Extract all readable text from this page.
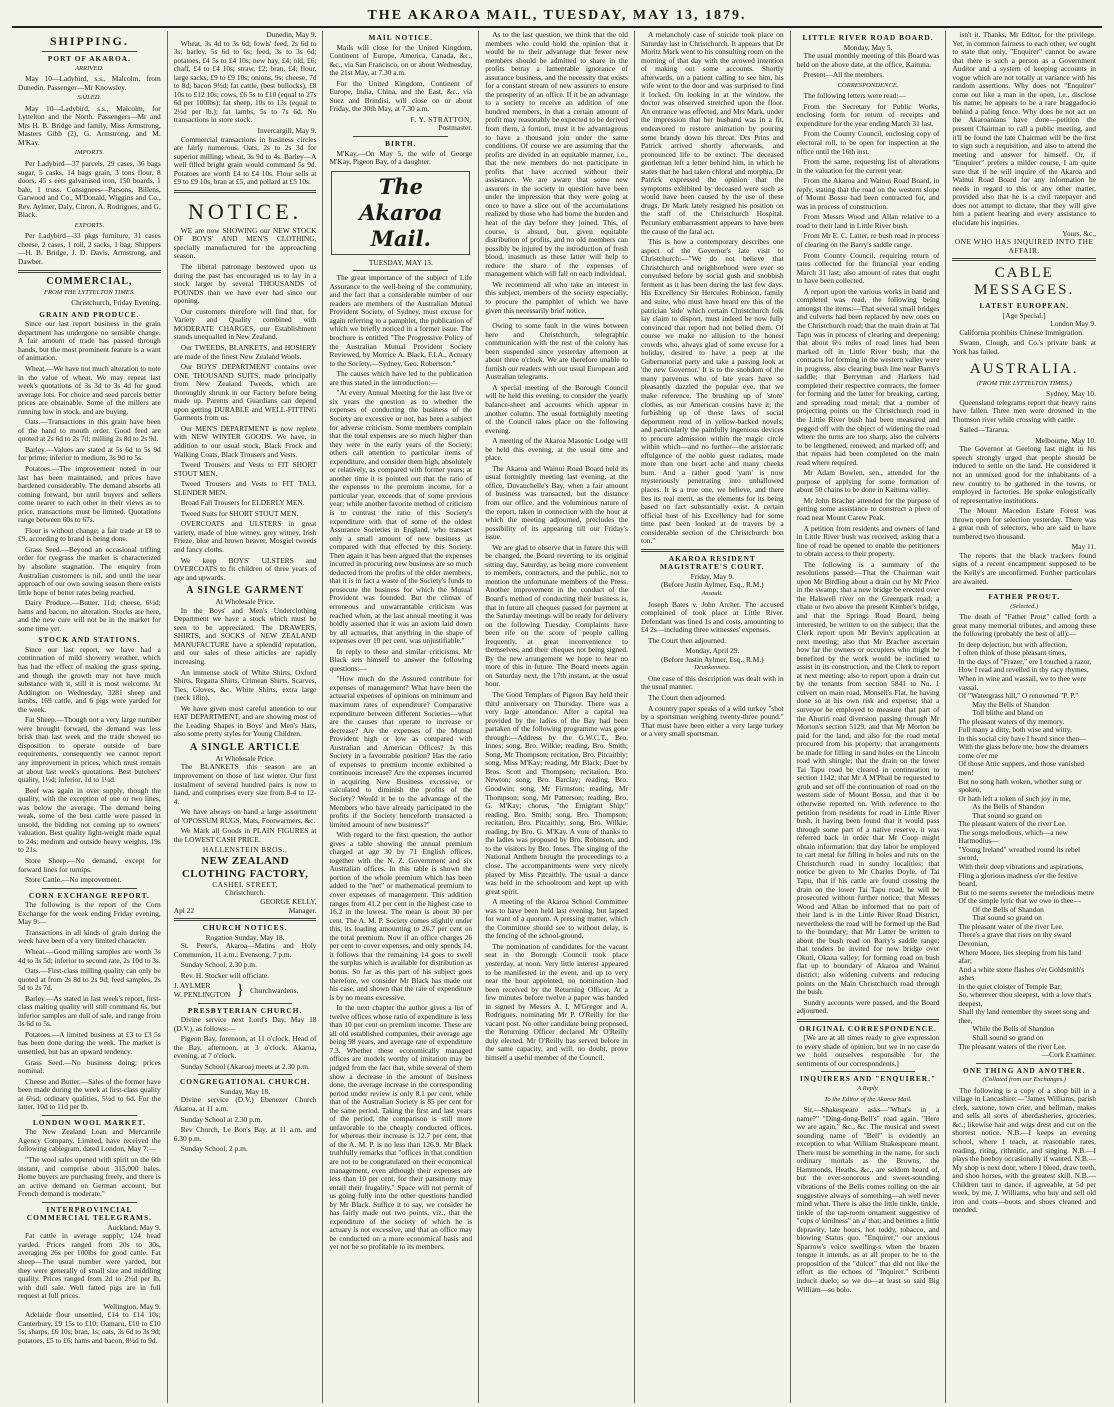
THE AKAROA MAIL, TUESDAY, MAY 13, 1879.
SHIPPING.
PORT OF AKAROA.
ARRIVED.

May 10—Ladybird, s.s., Malcolm, from Dunedin. Passenger—Mr Knowsley.

SAILED.

May 10—Ladybird, s.s., Malcolm, for Lyttelton and the North. Passengers—Mr and Mrs H. B. Bridge and family, Miss Armstrong, Masters Gibb (2), G. Armstrong, and M. M'Kay.

IMPORTS.

Per Ladybird—37 parcels, 29 cases, 36 bags sugar, 5 casks, 14 bags grain, 3 tons flour, 8 doors, 45 s eets galvanised iron, 150 boards, 1 bale, 1 truss. Consignees—Parsons, Billens, Garwood and Co., M'Donald, Wiggins and Co., Rev. Aylmer, Daly, Citron, A. Rodrigues, and G. Black.

EXPORTS.

Per Ladybird—33 pkgs furniture, 31 cases cheese, 2 cases, 1 roll, 2 sacks, 1 bag. Shippers—H. B. Bridge, J. D. Davis, Armstrong, and Dawber.

COMMERCIAL,
FROM THE LYTTELTON TIMES.
Christchurch, Friday Evening.
GRAIN AND PRODUCE.

Since our last report business in the grain department has undergone no sensible change. A fair amount of trade has passed through hands, but the most prominent feature is a want of animation.

Wheat.—We have not much alteration to note in the value of wheat. We may repeat last week's quotations of 3s 3d to 3s 4d for good average lots. For choice and seed parcels better prices are obtainable. Some of the millers are running low in stock, and are buying.

Oats.—Transactions in this grain have been of the hand to mouth order. Good feed are quoted at 2s 6d to 2s 7d; milling 2s 8d to 2s 9d.

Barley.—Values are stated at 5s 6d to 5s 9d for prime; inferior to medium, 3s 9d to 5s.

Potatoes.—The improvement noted in our last has been maintained, and prices have hardened considerably. The demand absorbs all coming forward, but until buyers and sellers come nearer to each other in their views as to price, transactions must be limited. Quotations range between 60s to 67s.

Flour is without change; a fair trade at £8 to £9, according to brand is being done.

Grass Seed.—Beyond an occasional trifling order for ryegrass the market is characterized by absolute stagnation. The enquiry from Australian customers is nil, and until the near approach of our own sowing season there exists little hope of better rates being reached.

Dairy Produce.—Butter, 11d; cheese, 6½d; hams and bacon, no alteration. Stocks are here, and the new cure will not be in the market for some time yet.

STOCK AND STATIONS.

Since our last report, we have had a continuation of mild showery weather, which has had the effect of making the grass spring, and though the growth may not have much substance with it, still it is most welcome. At Addington on Wednesday, 3281 sheep and lambs, 169 cattle, and 6 pigs were yarded for the week.

Fat Sheep.—Though not a very large number were brought forward, the demand was less brisk than last week and the trade showed no disposition to operate outside of bare requirements, consequently we cannot report any improvement in prices, which must remain at about last week's quotations. Best butchers' quality, 1½d; inferior, 1d to 1¼d.

Beef was again in over supply, though the quality, with the exception of one or two lines, was below the average. The demand being weak, some of the best cattle were passed in unsold, the bidding not coming up to owners' valuation. Best quality light-weight made equal to 24s; medium and outside heavy weights, 19s to 21s.

Store Sheep.—No demand, except for forward lines for turnips.

Store Cattle.—No improvement.

CORN EXCHANGE REPORT.

The following is the report of the Corn Exchange for the week ending Friday evening, May 9:—

Transactions in all kinds of grain during the week have been of a very limited character.

Wheat.—Good milling samples are worth 3s 4d to 3s 5d; inferior to second rate, 2s 10d to 3s.

Oats.—First-class milling quality can only be quoted at from 2s 8d to 2s 9d; feed samples, 2s 5d to 2s 7d.

Barley.—As stated in last week's report, first-class malting quality will still command 6s, but inferior samples are dull of sale, and range from 3s 6d to 5s.

Potatoes.—A limited business at £3 to £3 5s has been done during the week. The market is unsettled, but has an upward tendency.

Grass Seed.—No business doing; prices nominal.

Cheese and Butter.—Sales of the former have been made during the week at first-class quality at 6½d; ordinary qualities, 5½d to 6d. For the latter, 10d to 11d per lb.

LONDON WOOL MARKET.

The New Zealand Loan and Mercantile Agency Company, Limited, have received the following cablegram, dated London, May 7:—

"The wool sales opened with spirit on the 6th instant, and comprise about 315,000 bales. Home buyers are purchasing freely, and there is an active demand on German account, but French demand is moderate."

INTERPROVINCIAL COMMERCIAL TELEGRAMS.
Auckland, May 9.

Fat cattle in average supply; 124 head yarded. Prices ranged from 20s to 30s, averaging 26s per 100lbs for good cattle. Fat sheep—The usual number were yarded, but they were generally of small size and middling quality. Prices ranged from 2d to 2½d per lb, with dull sale. Well fatted pigs are in full request at full prices.

Wellington, May 9.

Adelaide flour unsettled, £14 to £14 10s; Canterbury, £9 15s to £10; Oamaru, £10 to £10 5s; sharps, £6 10s; bran, 1s; oats, 3s 6d to 3s 9d; potatoes, £5 to £6; hams and bacon, 8½d to 9d.

Dunedin, May 9.

Wheat, 3s 4d to 3s 6d; fowls' feed, 2s 6d to 3s; barley, 5s 6d to 6s; feed, 3s to 3s 6d; potatoes, £4 5s to £4 10s; new hay, £4; old, £6; chaff, £4 to £4 10s; straw, £2; bran, £4; flour, large sacks, £9 to £9 10s; onions, 9s; cheese, 7d to 8d; bacon 9½d; fat cattle, (best bullocks), £8 10s to £12 10s; cows, £6 5s to £10 (equal to 27s 6d per 100lbs); fat sheep, 10s to 13s (equal to 2½d per lb.); fat lambs, 5s to 7s 6d. No transactions in store stock.

Invercargill, May 9.

Commercial transactions in business circles are fairly numerous. Oats, 2s to 2s 3d for superior milling; wheat, 3s 9d to 4s. Barley—A well filled bright grain would command 5s 9d. Potatoes are worth £4 to £4 10s. Flour sells at £9 to £9 10s, bran at £5, and pollard at £5 10s.

NOTICE.

WE are now SHOWING our NEW STOCK OF BOYS' AND MEN'S CLOTHING, specially manufactured for the approaching season.

The liberal patronage bestowed upon us during the past has encouraged us to lay in a stock larger by several THOUSANDS of POUNDS than we have ever had since our opening.

Our customers therefore will find that, for Variety and Quality combined with MODERATE CHARGES, our Establishment stands unequalled in New Zealand.

Our TWEEDS, BLANKETS, and HOSIERY are made of the finest New Zealand Wools.

Our BOYS' DEPARTMENT contains over ONE THOUSAND SUITS, made principally from New Zealand Tweeds, which are thoroughly shrunk in our Factory before being made up. Parents and Guardians can depend upon getting DURABLE and WELL-FITTING Garments from us.

Our MEN'S DEPARTMENT is now replete with NEW WINTER GOODS. We have, in addition to our usual stock, Black Frock and Walking Coats, Black Trousers and Vests.

Tweed Trousers and Vests to FIT SHORT STOUT MEN.

Tweed Trousers and Vests to FIT TALL SLENDER MEN.

Broad Fall Trousers for ELDERLY MEN.

Tweed Suits for SHORT STOUT MEN.

OVERCOATS and ULSTERS in great variety, made of blue witney, grey witney, Irish Frieze, blue and brown beaver, Mosgiel tweeds and fancy cloths.

We keep BOYS' ULSTERS and OVERCOATS to fit children of three years of age and upwards.

A SINGLE GARMENT
At Wholesale Price.

In the Boys' and Men's Underclothing Department we have a stock which must be seen to be appreciated. The DRAWERS, SHIRTS, and SOCKS of NEW ZEALAND MANUFACTURE have a splendid reputation, and our sales of these articles are rapidly increasing.

An immense stock of White Shirts, Oxford Shirts, Regatta Shirts, Crimean Shirts, Scarves, Ties, Gloves, &c. White Shirts, extra large (neck 18in).

We have given most careful attention to our HAT DEPARTMENT, and are showing most of the Leading Shapes in Boys' and Men's Hats, also some pretty styles for Young Children.

A SINGLE ARTICLE
At Wholesale Price.

The BLANKETS this season are an improvement on those of last winter. Our first instalment of several hundred pairs is now to hand, and comprises every size from 8-4 to 12-4.

We have always on hand a large assortment of 'OPOSSUM RUGS, Mats, Footwarmers, &c.

We Mark all Goods in PLAIN FIGURES at the LOWEST CASH PRICE.

HALLENSTEIN BROS.,
NEW ZEALAND
CLOTHING FACTORY,
CASHEL STREET,
Christchurch.
GEORGE KELLY,
Apl 22	Manager.
CHURCH NOTICES.
Rogation Sunday, May 18.

St. Peter's, Akaroa—Matins and Holy Communion, 11 a.m.; Evensong, 7 p.m.

Sunday School, 2.30 p.m.

Rev. H. Stocker will officiate.

J. AYLMER
W. PENLINGTON } Churchwardens.
PRESBYTERIAN CHURCH.

Divine service next Lord's Day, May 18 (D.V.), as follows:—

Pigeon Bay, forenoon, at 11 o'clock. Head of the Bay, afternoon, at 3 o'clock. Akaroa, evening, at 7 o'clock.

Sunday School (Akaroa) meets at 2.30 p.m.

CONGREGATIONAL CHURCH.
Sunday, May 18.

Divine service (D.V.) Ebenezer Church Akaroa, at 11 a.m.

Sunday School at 2.30 p.m.

Rev Church, Le Bon's Bay, at 11 a.m. and 6.30 p.m.

Sunday School, 2 p.m.

MAIL NOTICE.

Mails will close for the United Kingdom, Continent of Europe, America, Canada, &c., &c., via San Francisco, on or about Wednesday, the 21st May, at 7.30 a.m.

For the United Kingdom, Continent of Europe, India, China, and the East, &c., via Suez and Brindisi, will close on or about Friday, the 30th May, at 7.30 a.m.

F. Y. STRATTON,
Postmaster.
BIRTH.

M'Kay.—On May 5, the wife of George M'Kay, Pigeon Bay, of a daughter.

The Akaroa Mail.
TUESDAY, MAY 13.

The great importance of the subject of Life Assurance to the well-being of the community, and the fact that a considerable number of our readers are members of the Australian Mutual Provident Society, of Sydney, must excuse for again referring to a pamphlet, the publication of which we briefly noticed in a former issue. The brochure is entitled "The Progressive Policy of the Australian Mutual Provident Society Reviewed, by Morrice A. Black, F.I.A., Actuary to the Society.—Sydney, Geo. Robertson."

The causes which have led to the publication are thus stated in the introduction:—

"At every Annual Meeting for the last five or six years the question as to whether the expenses of conducting the business of the Society are excessive or not, has been a subject for adverse criticism. Some members complain that the total expenses are so much higher than they were in the early years of the Society; others call attention to particular items of expenditure, and consider them high, absolutely or relatively, as compared with former years; at another time it is pointed out that the ratio of the expenses to the premium income, for a particular year, exceeds that of some previous year; while another favorite method of criticism is to contrast the ratio of this Society's expenditure with that of some of the oldest Assurance Societies in England, who transact only a small amount of new business as compared with that effected by this Society. Then again it has been argued that the expenses incurred in procuring new business are so much deducted from the profits of the older members, that it is in fact a waste of the Society's funds to prosecute the business for which the Mutual Provident was founded. But the climax of erroneous and unwarrantable criticism was reached when, at the last annual meeting it was boldly asserted that it was an axiom laid down by all actuaries, that anything in the shape of expenses over 10 per cent. was unjustifiable."

In reply to these and similar criticisms, Mr Black sets himself to answer the following questions:—

"How much do the Assured contribute for expenses of management? What have been the actuarial expenses of opinions on minimum and maximum rates of expenditure? Comparative expenditure between different Societies—what are the causes that operate to increase or decrease? Are the expenses of the Mutual Provident high or low as compared with Australian and American Offices? Is this Society in a favourable position? Has the ratio of expenses to premium income exhibited a continuous increase? Are the expenses incurred in acquiring New Business excessive, or calculated to diminish the profits of the Society? Would it be to the advantage of the Members who have already participated in the profits if the Society henceforth transacted a limited amount of new business?"

With regard to the first question, the author gives a table showing the annual premium charged at age 30 by 71 English offices, together with the N. Z. Government and six Australian offices. In this table is shown the portion of the whole premium which has been added to the "net" or mathematical premium to cover expenses of management. This addition ranges from 41.2 per cent in the highest case to 16.2 in the lowest. The mean is about 30 per cent. The A. M. P. Society comes slightly under this, its loading amounting to 26.7 per cent on the total premium. Now if an office charges 26 per cent to cover expenses, and only spends 14, it follows that the remaining 14 goes to swell the surplus which is available for distribution as bonus. So far as this part of his subject goes therefore, we consider Mr Black has made out his case, and shown that the rate of expenditure is by no means excessive.

In the next chapter the author gives a list of twelve offices whose ratio of expenditure is less than 10 per cent on premium income. These are all old established companies, their average age being 98 years, and average rate of expenditure 7.3. Whether these economically managed offices are models worthy of imitation may be judged from the fact that, while several of them show a decrease in the amount of business done, the average increase in the corresponding period under review is only 8.1 per cent, while that of the Australian Society is 85 per cent for the same period. Taking the first and last years of the period, the comparison is still more unfavorable to the cheaply conducted offices, for whereas their increase is 12.7 per cent, that of the A. M. P. is no less than 126.9. Mr Black truthfully remarks that "offices in that condition are not to be congratulated on their economical management, even although their expenses are less than 10 per cent, for their parsimony may entail their frugality." Space will not permit of us going fully into the other questions handled by Mr Black. Suffice it to say, we consider he has fairly made out two points, viz., that the expenditure of the society of which he is actuary is not excessive, and that an office may be conducted on a more economical basis and yet not be so profitable to its members.

As to the last question, we think that the old members who could hold the opinion that it would be to their advantage that fewer new members should be admitted to share in the profits betray a lamentable ignorance of assurance business, and the necessity that exists for a constant stream of new assurers to ensure the prosperity of an office. If it be an advantage to a society to receive an addition of one hundred members, in that a certain amount of profit may reasonably be expected to be derived from them, à fortiori, must it be advantageous to have a thousand join under the same conditions. Of course we are assuming that the profits are divided in an equitable manner, i.e., that the new members do not participate in profits that have accrued without their assistance. We are aware that some new assurers in the society in question have been under the impression that they were going at once to have a slice out of the accumulations realized by those who had borne the burden and heat of the day before they joined. This, of course, is absurd, but, given equitable distribution of profits, and no old members can possibly be injured by the introduction of fresh blood, inasmuch as these latter will help to reduce the share of the expenses of management which will fall on each individual.

We recommend all who take an interest in this subject, members of the society especially, to procure the pamphlet of which we have given this necessarily brief notice.

Owing to some fault in the wires between here and Christchurch, telegraphic communication with the rest of the colony has been suspended since yesterday afternoon at about three o'clock. We are therefore unable to furnish our readers with our usual European and Australian telegrams.

A special meeting of the Borough Council will be held this evening, to consider the yearly balance-sheet and accounts which appear in another column. The usual fortnightly meeting of the Council takes place on the following evening.

A meeting of the Akaroa Masonic Lodge will be held this evening, at the usual time and place.

The Akaroa and Wainui Road Board held its usual fortnightly meeting last evening, at the office, Duvauchelle's Bay, when a fair amount of business was transacted, but the distance from our office, and the voluminous nature of the report, taken in connection with the hour at which the meeting adjourned, precludes the possibility of its appearing till our Friday's issue.

We are glad to observe that in future this will be changed, the Board reverting to its original sitting day, Saturday, as being more convenient to members, contractors, and the public, not to mention the unfortunate members of the Press. Another improvement in the conduct of the Board's method of conducting their business is, that in future all cheques passed for payment at the Saturday meetings will be ready for delivery on the following Tuesday. Complaints have been rife on the score of people calling frequently, at great inconvenience to themselves, and their cheques not being signed. By the new arrangement we hope to hear no more of this in future. The Board meets again on Saturday next, the 17th instant, at the usual hour.

The Good Templars of Pigeon Bay held their third anniversary on Thursday. There was a very large attendance. After a capital tea provided by the ladies of the Bay had been partaken of the following programme was gone through:—Address by the G.W.C.T., Bro. Innes; song, Bro. Wilkie; reading, Bro. Smith; Song, Mr Thompson; recitation, Bro. Pitcaithly; song, Miss M'Kay; reading, Mr Black; Duet by Bros. Scott and Thompson; recitation, Bro. Newton; song, Bro. Barclay; reading, Bro. Goodwin; song, Mr Firmston; reading, Mr Thompson; song, Mr Patterson; reading, Bro. G. M'Kay; chorus, "the Emigrant Ship;" reading, Bro. Smith; song, Bro. Thompson; recitation, Bro. Pitcaithly; song, Bro. Wilkie; reading, by Bro. G. M'Kay. A vote of thanks to the ladies was proposed by Bro. Robinson, and to the visitors by Bro. Innes. The singing of the National Anthem brought the proceedings to a close. The accompaniments were very nicely played by Miss Pitcaithly. The usual a dance was held in the schoolroom and kept up with great spirit.

A meeting of the Akaroa School Committee was to have been held last evening, but lapsed for want of a quorum. A pressing matter, which the Committee should see to without delay, is the fencing of the school-ground.

The nomination of candidates for the vacant seat in the Borough Council took place yesterday, at noon. Very little interest appeared to be manifested in the event, and up to very near the hour appointed, no nomination had been received by the Returning Officer. At a few minutes before twelve a paper was handed in signed by Messrs A. I. M'Gregor and A. Rodrigues, nominating Mr P. O'Reilly for the vacant post. No other candidate being proposed, the Returning Officer declared Mr O'Reilly duly elected. Mr O'Reilly has served before in the same capacity, and will, no doubt, prove himself a useful member of the Council.

A melancholy case of suicide took place on Saturday last in Christchurch. It appears that Dr Moritz Mark went to his consulting room on the morning of that day with the avowed intention of making out some accounts. Shortly afterwards, on a patient calling to see him, his wife went to the door and was surprised to find it locked. On looking in at the window, the doctor was observed stretched upon the floor. An entrance was effected, and Mrs Mark, under the impression that her husband was in a fit, endeavored to restore animation by pouring some brandy down his throat. Drs Prins and Patrick arrived shortly afterwards, and pronounced life to be extinct. The deceased gentleman left a letter behind him, in which he states that he had taken chloral and morphia. Dr Patrick expressed the opinion that the symptoms exhibited by deceased were such as would have been caused by the use of these drugs. Dr Mark lately resigned his position on the staff of the Christchurch Hospital. Pecuniary embarrassment appears to have been the cause of the fatal act.

This is how a contemporary describes one aspect of the Governor's late visit to Christchurch:—"We do not believe that Christchurch and neighborhood were ever so convulsed before by social gush and snobbish ferment as it has been during the last few days. His Excellency Sir Hercules Robinson, family and suite, who must have heard ere this of the patrician 'side' which certain Christchurch folk lay claim to disport, must indeed be now fully convinced that report had not belied them. Of course we make no allusion to the honest crowds who, always glad of some excuse for a holiday, desired to have a peep at the Gubernatorial party and take a passing look at 'the new Governor.' It is to the snobdom of the many parvenus who of late years have so pleasantly dazzled the popular eye, that we make reference. The brushing up of 'store' clothes, as our American cousins have it; the furbishing up of those laws of social deportment rend of in yellow-backed novels; and particularly the painfully ingenious devices to procure admission within the magic circle within which—and no further—the aristocratic effulgence of the noble guest radiates, made more than one heart ache and many cheeks burn. And a rather good 'yarn' is now mysteriously penetrating into unhallowed places. It is a true one, we believe, and there lies its real merit, as the elements for its being based on fact substantially exist. A certain official host of his Excellency had for some time past been looked at de travers by a considerable section of the Christchurch bon ton."

AKAROA RESIDENT MAGISTRATE'S COURT.
Friday, May 9.
(Before Justin Aylmer, Esq., R.M.)
Assault.

Joseph Bates v. John Archer. The accused complained of took place at Little River. Defendant was fined 1s and costs, amounting to £4 2s—including three witnesses' expenses.

The Court then adjourned.

Monday, April 29.
(Before Justin Aylmer, Esq., R.M.)
Drunkenness.

One case of this description was dealt with in the usual manner.

The Court then adjourned.

A country paper speaks of a wild turkey "shot by a sportsman weighing twenty-three pound." That must have been either a very large turkey or a very small sportsman.

LITTLE RIVER ROAD BOARD.
Monday, May 5.

The usual monthly meeting of this Board was held on the above date, at the office, Kaituna.

Present—All the members.

CORRESPONDENCE.

The following letters were read:—

From the Secretary for Public Works, enclosing form for return of receipts and expenditure for the year ending March 31 last.

From the County Council, enclosing copy of electoral roll, to be open for inspection at the office until the 16th inst.

From the same, requesting list of alterations in the valuation for the current year.

From the Akaroa and Wainui Road Board, in reply, stating that the road on the western slope of Mount Bossu had been contracted for, and was in process of construction.

From Messrs Wood and Allan relative to a road to their land in Little River bush.

From Mr E. C. Latter, re bush road in process of clearing on the Barry's saddle range.

From County Council, requiring return of rates collected for the financial year ending March 31 last; also amount of rates that ought to have been collected.

A report upon the various works in hand and completed was read, the following being amongst the items:—That several small bridges and culverts had been replaced by new ones on the Christchurch road; that the main drain at Tai Tapu was in process of clearing and deepening; that about 6½ miles of road lines had been marked off in Little River bush; that the contracts for forming in the western valley were in progress, also clearing bush line near Barry's saddle; that Berryman and Harkers had completed their respective contracts, the former for forming and the latter for breaking, carting, and spreading road metal; that a number of projecting points on the Christchurch road in the Little River bush had been measured and pegged off with the object of widening the road where the turns are too sharp; also the culverts to be lengthened, renewed, and marked off; and that repairs had been completed on the main road where required.

Mr Adam Bowlen, sen., attended for the purpose of applying for some formation of about 50 chains to be done in Kaituna valley.

Mr John Bracher attended for the purpose of getting some assistance to construct a piece of road near Mount Carew Peak.

A petition from residents and owners of land in Little River bush was received, asking that a line of road be opened to enable the petitioners to obtain access to their property.

The following is a summary of the resolutions passed:—That the Chairman wait upon Mr Birdling about a drain cut by Mr Price in the swamp; that a new bridge be erected over the Halswell river on the Greenpark road; a chain or two above the present Kimber's bridge, and that the Springs Road Board, being interested, be written to on the subject; that the Clerk report upon Mr Bevin's application at next meeting; also that Mr Bracher ascertain how far the owners or occupiers who might be benefited by the work would be inclined to assist in its construction, and the Clerk to report at next meeting; also to report upon a drain cut by the tenants from section 5841 to No. 1 culvert on main road, Monsell's Flat, he having done so at his own risk and expense; that a surveyor be employed to measure that part of the Ahuriri road diversion passing through Mr Morton's section 5129, and that Mr Morton be paid for the land, and also for the road metal procured from his property; that arrangements be made for filling in sand holes on the Lincoln road with shingle; that the drain on the lower Tai Tapu road be cleared in continuation to section 1142; that Mr A M'Phail be requested to grub and set off the continuation of road on the western side of Mount Bossu, and that it be otherwise reported on. With reference to the petition from residents for road in Little River bush, it having been found that it would pass through some part of a native reserve, it was referred back in order that Mr Coop might obtain information; that day labor be employed to cart metal for filling in holes and ruts on the Christchurch road in sundry localities; that notice be given to Mr Charles Doyle, of Tai Tapu, that if his cattle are found crossing the drain on the lower Tai Tapu road, he will be prosecuted without further notice; that Messrs Wood and Allan be informed that no part of their land is in the Little River Road District, nevertheless the road will be formed up the Bad to the boundary; that Mr Latter be written to about the bush road on Barry's saddle range; that tenders be invited for new bridge over Okuti, Okana valley; for forming road on bush flat up to boundary of Akaroa and Wainui district; also widening culverts and reducing points on the Main Christchurch road through the bush.

Sundry accounts were passed, and the Board adjourned.

ORIGINAL CORRESPONDENCE.

[We are at all times ready to give expression to every shade of opinion, but we in no case do we hold ourselves responsible for the sentiments of our correspondents.]

INQUIRERS AND "ENQUIRER."
A Reply.
To the Editor of the Akaroa Mail.

Sir,—Shakespeare asks—"What's in a name?" "Ding-dong-Bell's" road again. "Here we are again," &c., &c. The musical and sweet sounding name of "Bell" is evidently an exception to what William Shakespeare meant. There must be something in the name, for such ordinary mortals as the Browns, the Hammonds, Heaths, &c., are seldom heard of, but the ever-sonorous and sweet-sounding vibrations of the Bells comes rolling on the air suggestive always of something—ah well never mind what. There is also the little tinkle, tinkle, tinkle of the tap-room ornament suggestive of "cups o' kindness" an a' that; and betimes a little depravity, late hours, hot toddy, tobacco, and blowing Status quo. "Enquirer," our anxious Sparrow's voice swelling-s when the brazen tongue it intends, as at all proper to be to the proposition of the "dulcet" that did not like the effort as the echoes of "Inquirer." Scribenti inducit duelo; so we do—at least so said Big William—so bolo.

isn't it. Thanks, Mr Editor, for the privilege. Yet, in common fairness to each other, we ought to state that only, "Enquirer" cannot be aware that there is such a person as a Government Auditor and a system of keeping accounts in vogue which are not totally at variance with his random assertions. Why does not "Enquirer" come out like a man in the open, i.e., disclose his name; he appears to be a rare braggadocio behind a paling fence. Why does he not act on the Akaroanians have done—petition the present Chairman to call a public meeting, and it'll be found the late Chairman will be the first to sign such a requisition, and also to attend the meeting and answer for himself. Or, if "Enquirer" prefers a milder course, I am quite sure that if he will inquire of the Akaroa and Wainui Road Board for any information he needs in regard to this or any other matter, provided also that he is a civil ratepayer and does not attempt to dictate, that they will give him a patient hearing and every assistance to elucidate his inquiries.

Yours, &c.,
ONE WHO HAS INQUIRED INTO THE AFFAIR.
CABLE MESSAGES.
LATEST EUROPEAN.
[Age Special.]
London May 9.

California prohibits Chinese Immigration.

Swann, Clough, and Co.'s private bank at York has failed.

AUSTRALIA.
(FROM THE LYTTELTON TIMES.)
Sydney, May 10.

Queensland telegrams report that heavy rains have fallen. Three men were drowned in the Thomson river while crossing with cattle.

Sailed—Tararua.

Melbourne, May 10.

The Governor at Geelong last night in his speech strongly urged that people should be induced to settle on the land. He considered it not an unmixed good for the inhabitants of a new country to be gathered in the towns, or employed in factories. He spoke eulogistically of representative institutions.

The Mount Macedon Estate Forest was thrown open for selection yesterday. There was a great rush of selectors, who are said to have numbered two thousand.

May 11.

The reports that the black trackers found signs of a recent encampment supposed to be the Kelly's are unconfirmed. Further particulars are awaited.

FATHER PROUT.
(Selected.)

The death of "Father Prout" called forth a great many memorial tributes, and among these the following (probably the best of all):—

In deep dejection, but with affection,
I often think of those pleasant times,
In the days of "Frazer," ere I touched a razor,
How I read and revelled in thy racy rhymes,
When in wine and wassail, we to thee were vassal,
Of "Watergrass hill," O renowned "P. P."
May the Bells of Shandon
Toll blithe and bland on
The pleasant waters of thy memory.
Full many a ditty, both wise and witty,
In this social city have I heard since then—
With the glass before me, how the dreamers come o'er me
Of those Attic suppers, and those vanished men!
But no song hath woken, whether sung or spoken,
Or hath left a token of such joy in me,
As the Bells of Shandon
That sound so grand on
The pleasant waters of the river Lee.
The songs melodious, which—a new Harmodius—
"Young Ireland" wreathed round its rebel sword,
With their deep vibrations and aspirations,
Fling a glorious madness o'er the festive board,
But to me seems sweeter the melodious metre
Of the simple lyric that we owe to thee—
Of the Bells of Shandon
That sound so grand on
The pleasant water of the river Lee.
There's a grave that rises on thy sward Devonian,
Where Moore, lies sleeping from his land afar;
And a white stone flashes o'er Goldsmith's ashes
In the quiet cloister of Temple Bar;
So, wherever thou sleepest, with a love that's deepest,
Shall thy land remember thy sweet song and thee,
While the Bells of Shandon
Shall sound so grand on
The pleasant waters of the river Lee.
—Cork Examiner.
ONE THING AND ANOTHER.
(Collated from our Exchanges.)

The following is a copy of a shop bill in a village in Lancashire:—"James Williams, parish clerk, saxtone, town crier, and bellman, makes and sells all sorts of aberdasheries, groceries, &c.; likewise hair and wigs drest and cut on the shortest notice. N.B.—I keeps an evening school, where I teach, at reasonable rates, reading, riting, rithmitic, and singing. N.B.—I plays the hoeboy occasionally if wanted. N.B.—My shop is next door, where I bleed, draw teeth, and shoo horses, with the greatest skill. N.B.—Children taut to dance, if agreeable, at 5d per week, by me, J. Williams, who buy and sell old iron and coats—boots and shoes cleaned and mended.
